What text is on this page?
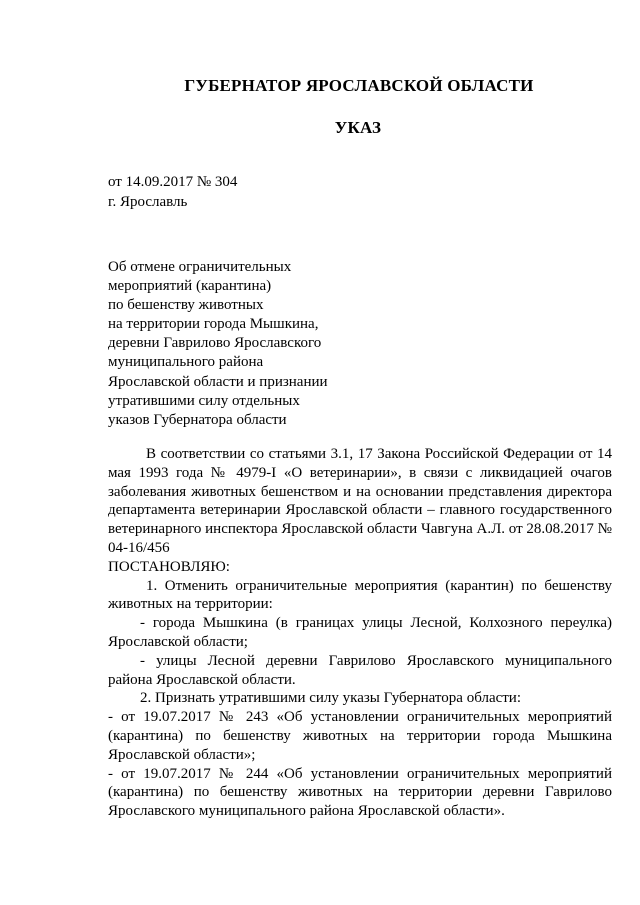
ГУБЕРНАТОР ЯРОСЛАВСКОЙ ОБЛАСТИ
УКАЗ
от 14.09.2017 № 304
г. Ярославль
Об отмене ограничительных
мероприятий (карантина)
по бешенству животных
на территории города Мышкина,
деревни Гаврилово Ярославского
муниципального района
Ярославской области и признании
утратившими силу отдельных
указов Губернатора области
В соответствии со статьями 3.1, 17 Закона Российской Федерации от 14 мая 1993 года № 4979-I «О ветеринарии», в связи с ликвидацией очагов заболевания животных бешенством и на основании представления директора департамента ветеринарии Ярославской области – главного государственного ветеринарного инспектора Ярославской области Чавгуна А.Л. от 28.08.2017 № 04-16/456
ПОСТАНОВЛЯЮ:
1. Отменить ограничительные мероприятия (карантин) по бешенству животных на территории:
- города Мышкина (в границах улицы Лесной, Колхозного переулка) Ярославской области;
- улицы Лесной деревни Гаврилово Ярославского муниципального района Ярославской области.
2. Признать утратившими силу указы Губернатора области:
- от 19.07.2017 № 243 «Об установлении ограничительных мероприятий (карантина) по бешенству животных на территории города Мышкина Ярославской области»;
- от 19.07.2017 № 244 «Об установлении ограничительных мероприятий (карантина) по бешенству животных на территории деревни Гаврилово Ярославского муниципального района Ярославской области».
